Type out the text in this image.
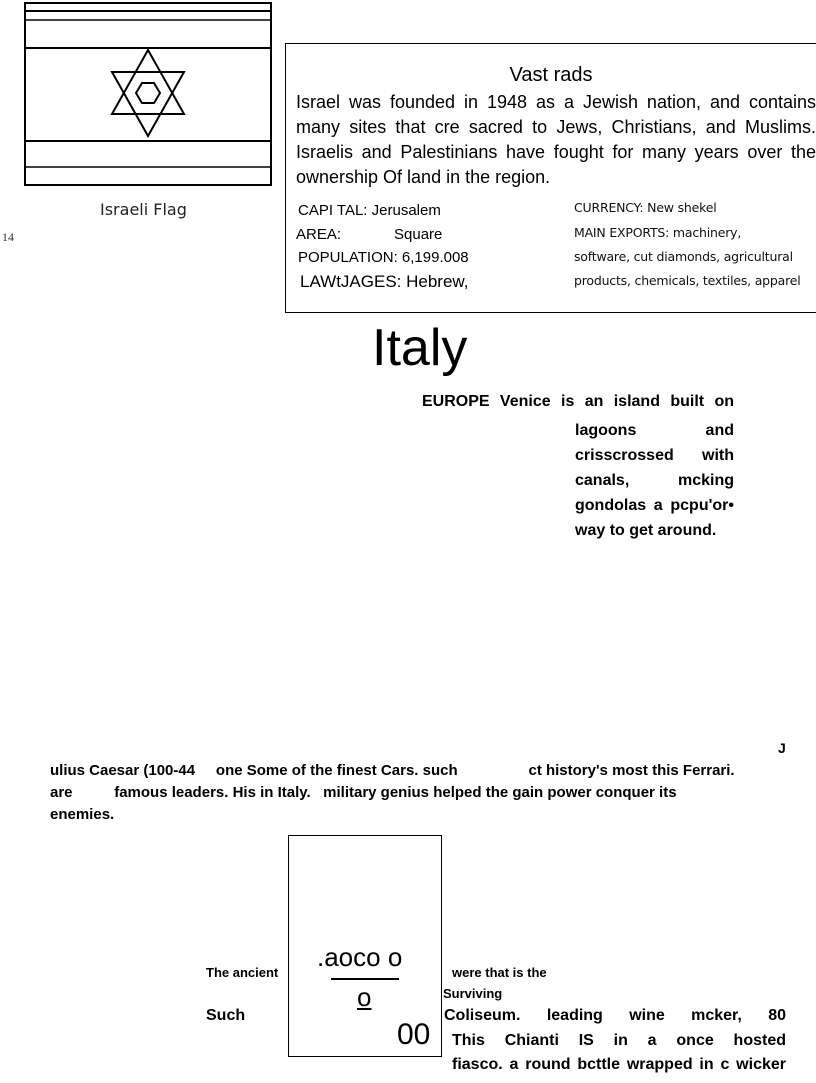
Israeli Flag
14
Vast rads
Israel was founded in 1948 as a Jewish nation, and contains many sites that cre sacred to Jews, Christians, and Muslims. Israelis and Palestinians have fought for many years over the ownership Of land in the region.
CAPI TAL: Jerusalem
AREA:	Square
POPULATION: 6,199.008
LAWtJAGES: Hebrew,
CURRENCY: New shekel
MAIN EXPORTS: machinery,
software, cut diamonds, agricultural
products, chemicals, textiles, apparel
Italy
EUROPE Venice is an island built on
lagoons and
crisscrossed with
canals, mcking
gondolas a pcpu'or•
way to get around.
J
ulius Caesar (100-44     one Some of the finest Cars. such                 ct history's most this Ferrari.
are          famous leaders. His in Italy.   military genius helped the gain power conquer its
enemies.
.aoco o
o
00
The ancient
Such
were that is the
Surviving
Coliseum. leading wine mcker, 80
This Chianti IS in a once hosted
fiasco. a round bcttle wrapped in c wicker
